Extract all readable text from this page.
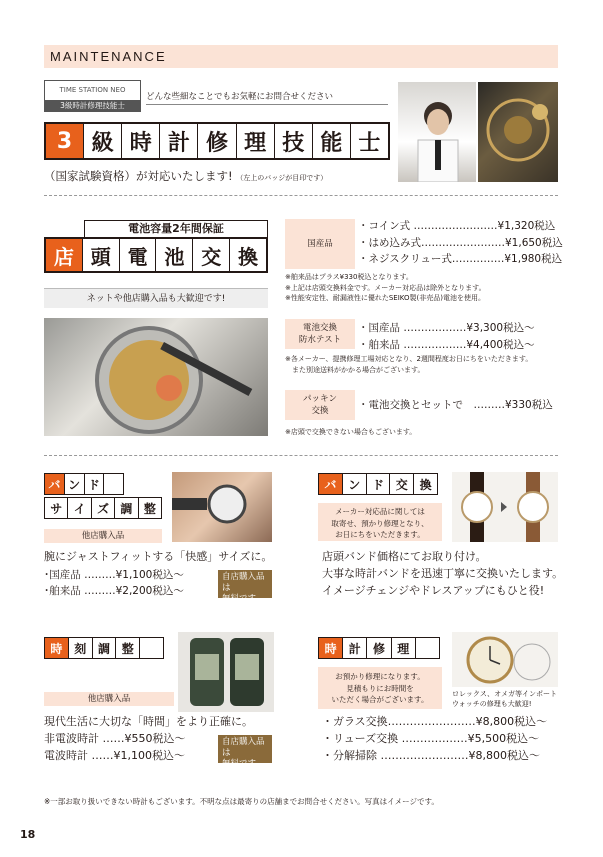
MAINTENANCE
TIME STATION NEO
3級時計修理技能士
どんな些細なことでもお気軽にお問合せください
3 級 時 計 修 理 技 能 士
（国家試験資格）が対応いたします! （左上のバッジが目印です）
電池容量2年間保証
店 頭 電 池 交 換
ネットや他店購入品も大歓迎です!
国産品
・コイン式 ……………………¥1,320税込
・はめ込み式……………………¥1,650税込
・ネジスクリュー式……………¥1,980税込
※舶来品はプラス¥330税込となります。
※上記は店頭交換料金です。メーカー対応品は除外となります。
※性能安定性、耐漏液性に優れたSEIKO製(非売品)電池を使用。
電池交換
防水テスト
・国産品 ………………¥3,300税込〜
・舶来品 ………………¥4,400税込〜
※各メーカー、提携修理工場対応となり、2週間程度お日にちをいただきます。
また別途送料がかかる場合がございます。
パッキン
交換	・電池交換とセットで　………¥330税込
※店頭で交換できない場合もございます。
バ ン ド
サ イ ズ 調 整
他店購入品
腕にジャストフィットする「快感」サイズに。
･国産品 ………¥1,100税込〜
･舶来品 ………¥2,200税込〜
自店購入品は
無料です
バ ン ド 交 換
メーカー対応品に関しては
取寄せ、預かり修理となり、
お日にちをいただきます。
店頭バンド価格にてお取り付け。
大事な時計バンドを迅速丁寧に交換いたします。
イメージチェンジやドレスアップにもひと役!
時 刻 調 整
他店購入品
現代生活に大切な「時間」をより正確に。
非電波時計 ……¥550税込〜
電波時計 ……¥1,100税込〜
自店購入品は
無料です
時	計	修	理
お預かり修理になります。
見積もりにお時間を
いただく場合がございます。
ロレックス、オメガ等インポート
ウォッチの修理も大歓迎!
・ガラス交換……………………¥8,800税込〜
・リューズ交換 ………………¥5,500税込〜
・分解掃除 ……………………¥8,800税込〜
※一部お取り扱いできない時計もございます。不明な点は最寄りの店舗までお問合せください。写真はイメージです。
18
